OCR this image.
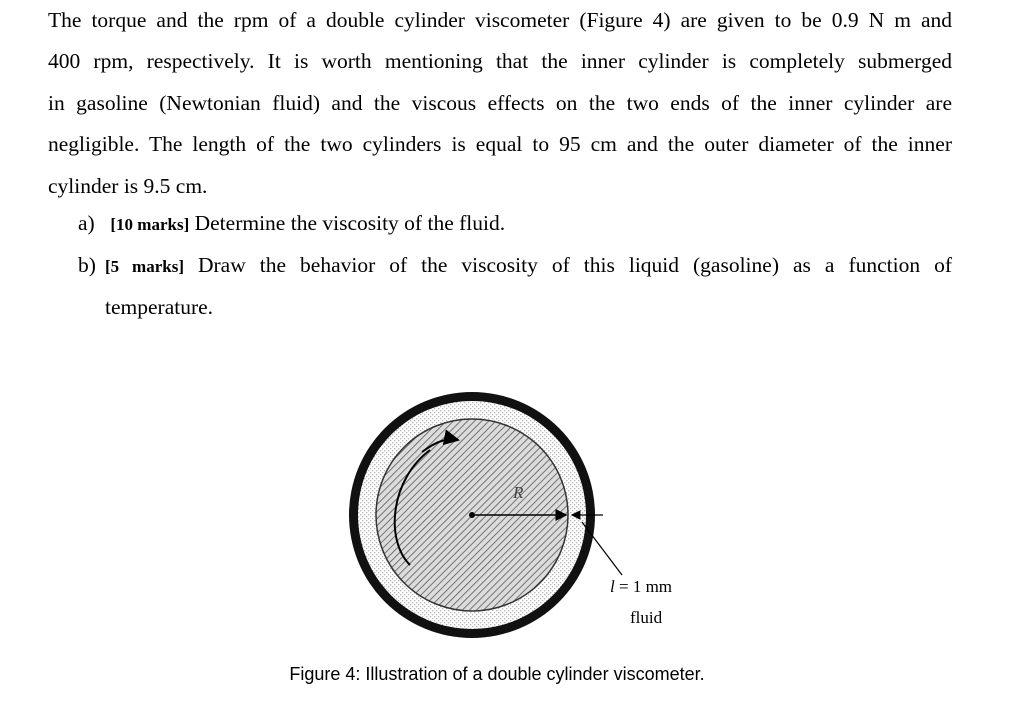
The torque and the rpm of a double cylinder viscometer (Figure 4) are given to be 0.9 N m and
400 rpm, respectively. It is worth mentioning that the inner cylinder is completely submerged
in gasoline (Newtonian fluid) and the viscous effects on the two ends of the inner cylinder are
negligible. The length of the two cylinders is equal to 95 cm and the outer diameter of the inner
cylinder is 9.5 cm.
a) [10 marks] Determine the viscosity of the fluid.
b) [5 marks] Draw the behavior of the viscosity of this liquid (gasoline) as a function of
temperature.
R
l = 1 mm
fluid
Figure 4: Illustration of a double cylinder viscometer.
